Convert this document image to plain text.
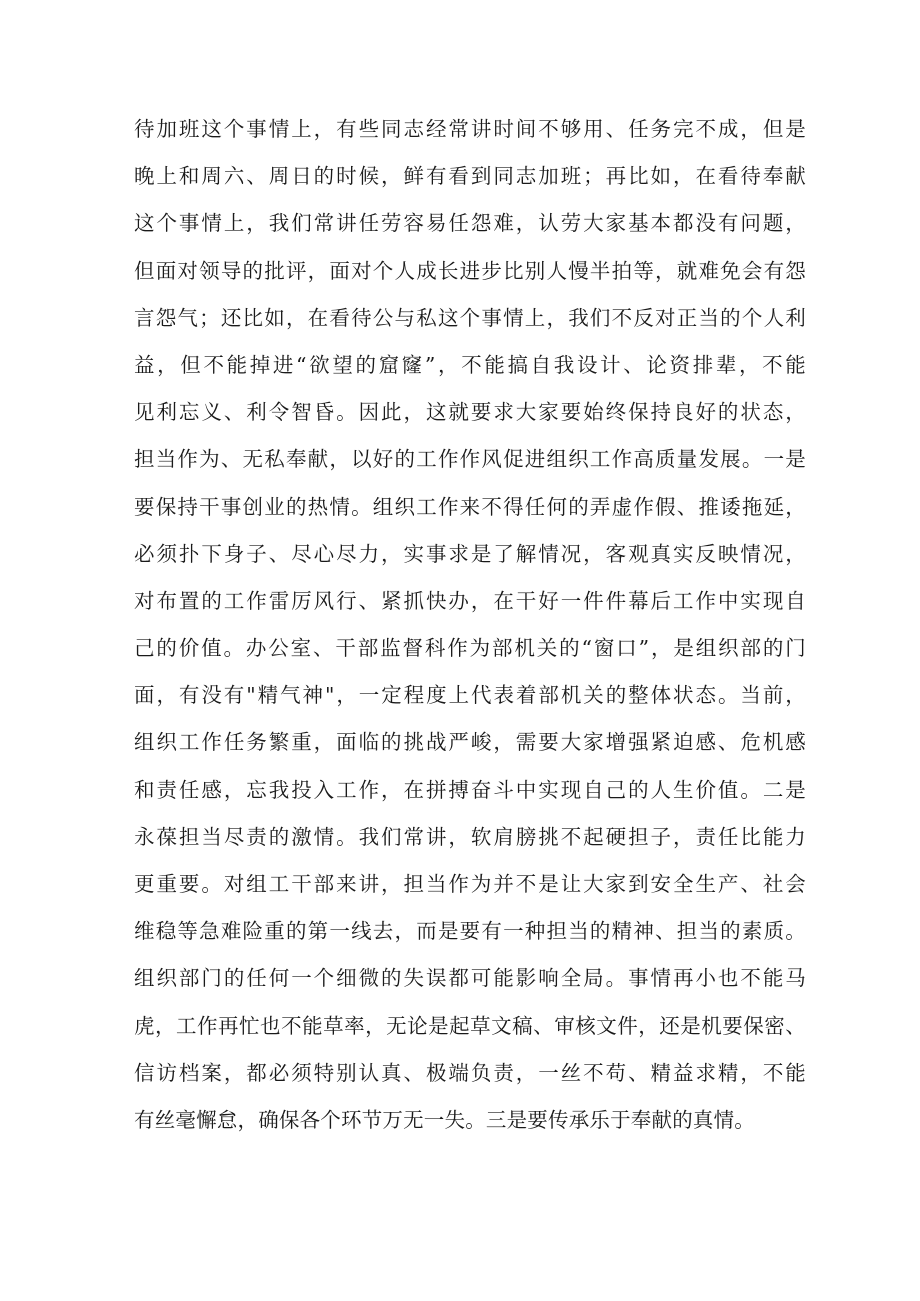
待加班这个事情上，有些同志经常讲时间不够用、任务完不成，但是
晚上和周六、周日的时候，鲜有看到同志加班；再比如，在看待奉献
这个事情上，我们常讲任劳容易任怨难，认劳大家基本都没有问题，
但面对领导的批评，面对个人成长进步比别人慢半拍等，就难免会有怨
言怨气；还比如，在看待公与私这个事情上，我们不反对正当的个人利
益，但不能掉进“欲望的窟窿”，不能搞自我设计、论资排辈，不能
见利忘义、利令智昏。因此，这就要求大家要始终保持良好的状态，
担当作为、无私奉献，以好的工作作风促进组织工作高质量发展。一是
要保持干事创业的热情。组织工作来不得任何的弄虚作假、推诿拖延，
必须扑下身子、尽心尽力，实事求是了解情况，客观真实反映情况，
对布置的工作雷厉风行、紧抓快办，在干好一件件幕后工作中实现自
己的价值。办公室、干部监督科作为部机关的“窗口”，是组织部的门
面，有没有"精气神"，一定程度上代表着部机关的整体状态。当前，
组织工作任务繁重，面临的挑战严峻，需要大家增强紧迫感、危机感
和责任感，忘我投入工作，在拼搏奋斗中实现自己的人生价值。二是
永葆担当尽责的激情。我们常讲，软肩膀挑不起硬担子，责任比能力
更重要。对组工干部来讲，担当作为并不是让大家到安全生产、社会
维稳等急难险重的第一线去，而是要有一种担当的精神、担当的素质。
组织部门的任何一个细微的失误都可能影响全局。事情再小也不能马
虎，工作再忙也不能草率，无论是起草文稿、审核文件，还是机要保密、
信访档案，都必须特别认真、极端负责，一丝不苟、精益求精，不能
有丝毫懈怠，确保各个环节万无一失。三是要传承乐于奉献的真情。
